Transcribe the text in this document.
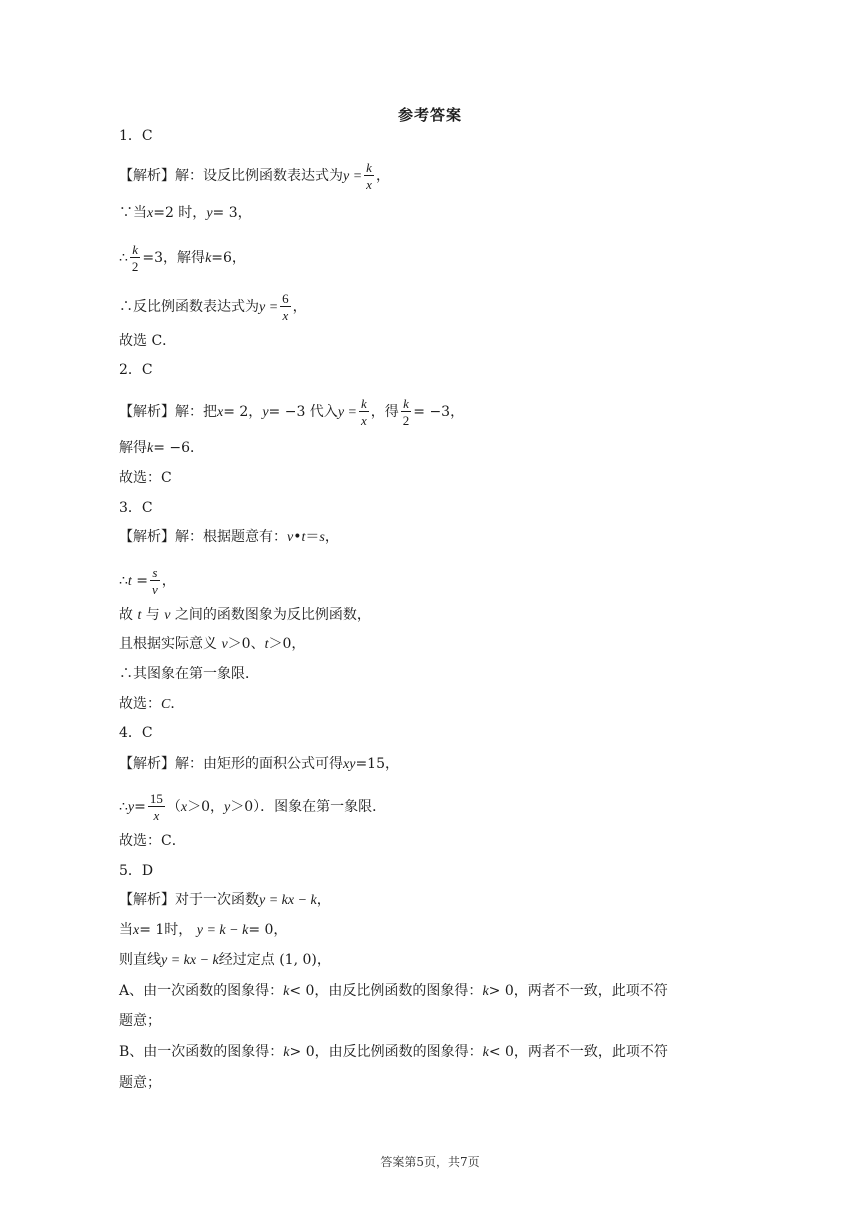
参考答案
1．C
【解析】解：设反比例函数表达式为$y = \frac{k}{x}$ ，
∵当x=2 时，y= 3，
∴ $\frac{k}{2} =3$，解得k=6，
∴反比例函数表达式为$y = \frac{6}{x}$ ，
故选 C．
2．C
【解析】解：把x= 2，y= −3 代入$y = \frac{k}{x}$ ，得 $\frac{k}{2} = -3$，
解得k= −6．
故选：C
3．C
【解析】解：根据题意有：v•t＝s，
∴t = $\frac{s}{v}$ ，
故 t 与 v 之间的函数图象为反比例函数，
且根据实际意义 v＞0、t＞0，
∴其图象在第一象限．
故选：C．
4．C
【解析】解：由矩形的面积公式可得xy=15，
∴y= $\frac{15}{x} (x>0$，y＞0）．图象在第一象限．
故选：C．
5．D
【解析】对于一次函数y = kx − k，
当x= 1时， y = k − k= 0，
则直线y = kx − k经过定点 (1, 0)，
A、由一次函数的图象得：k< 0，由反比例函数的图象得：k> 0，两者不一致，此项不符
题意；
B、由一次函数的图象得：k> 0，由反比例函数的图象得：k< 0，两者不一致，此项不符
题意；
答案第5页，共7页
